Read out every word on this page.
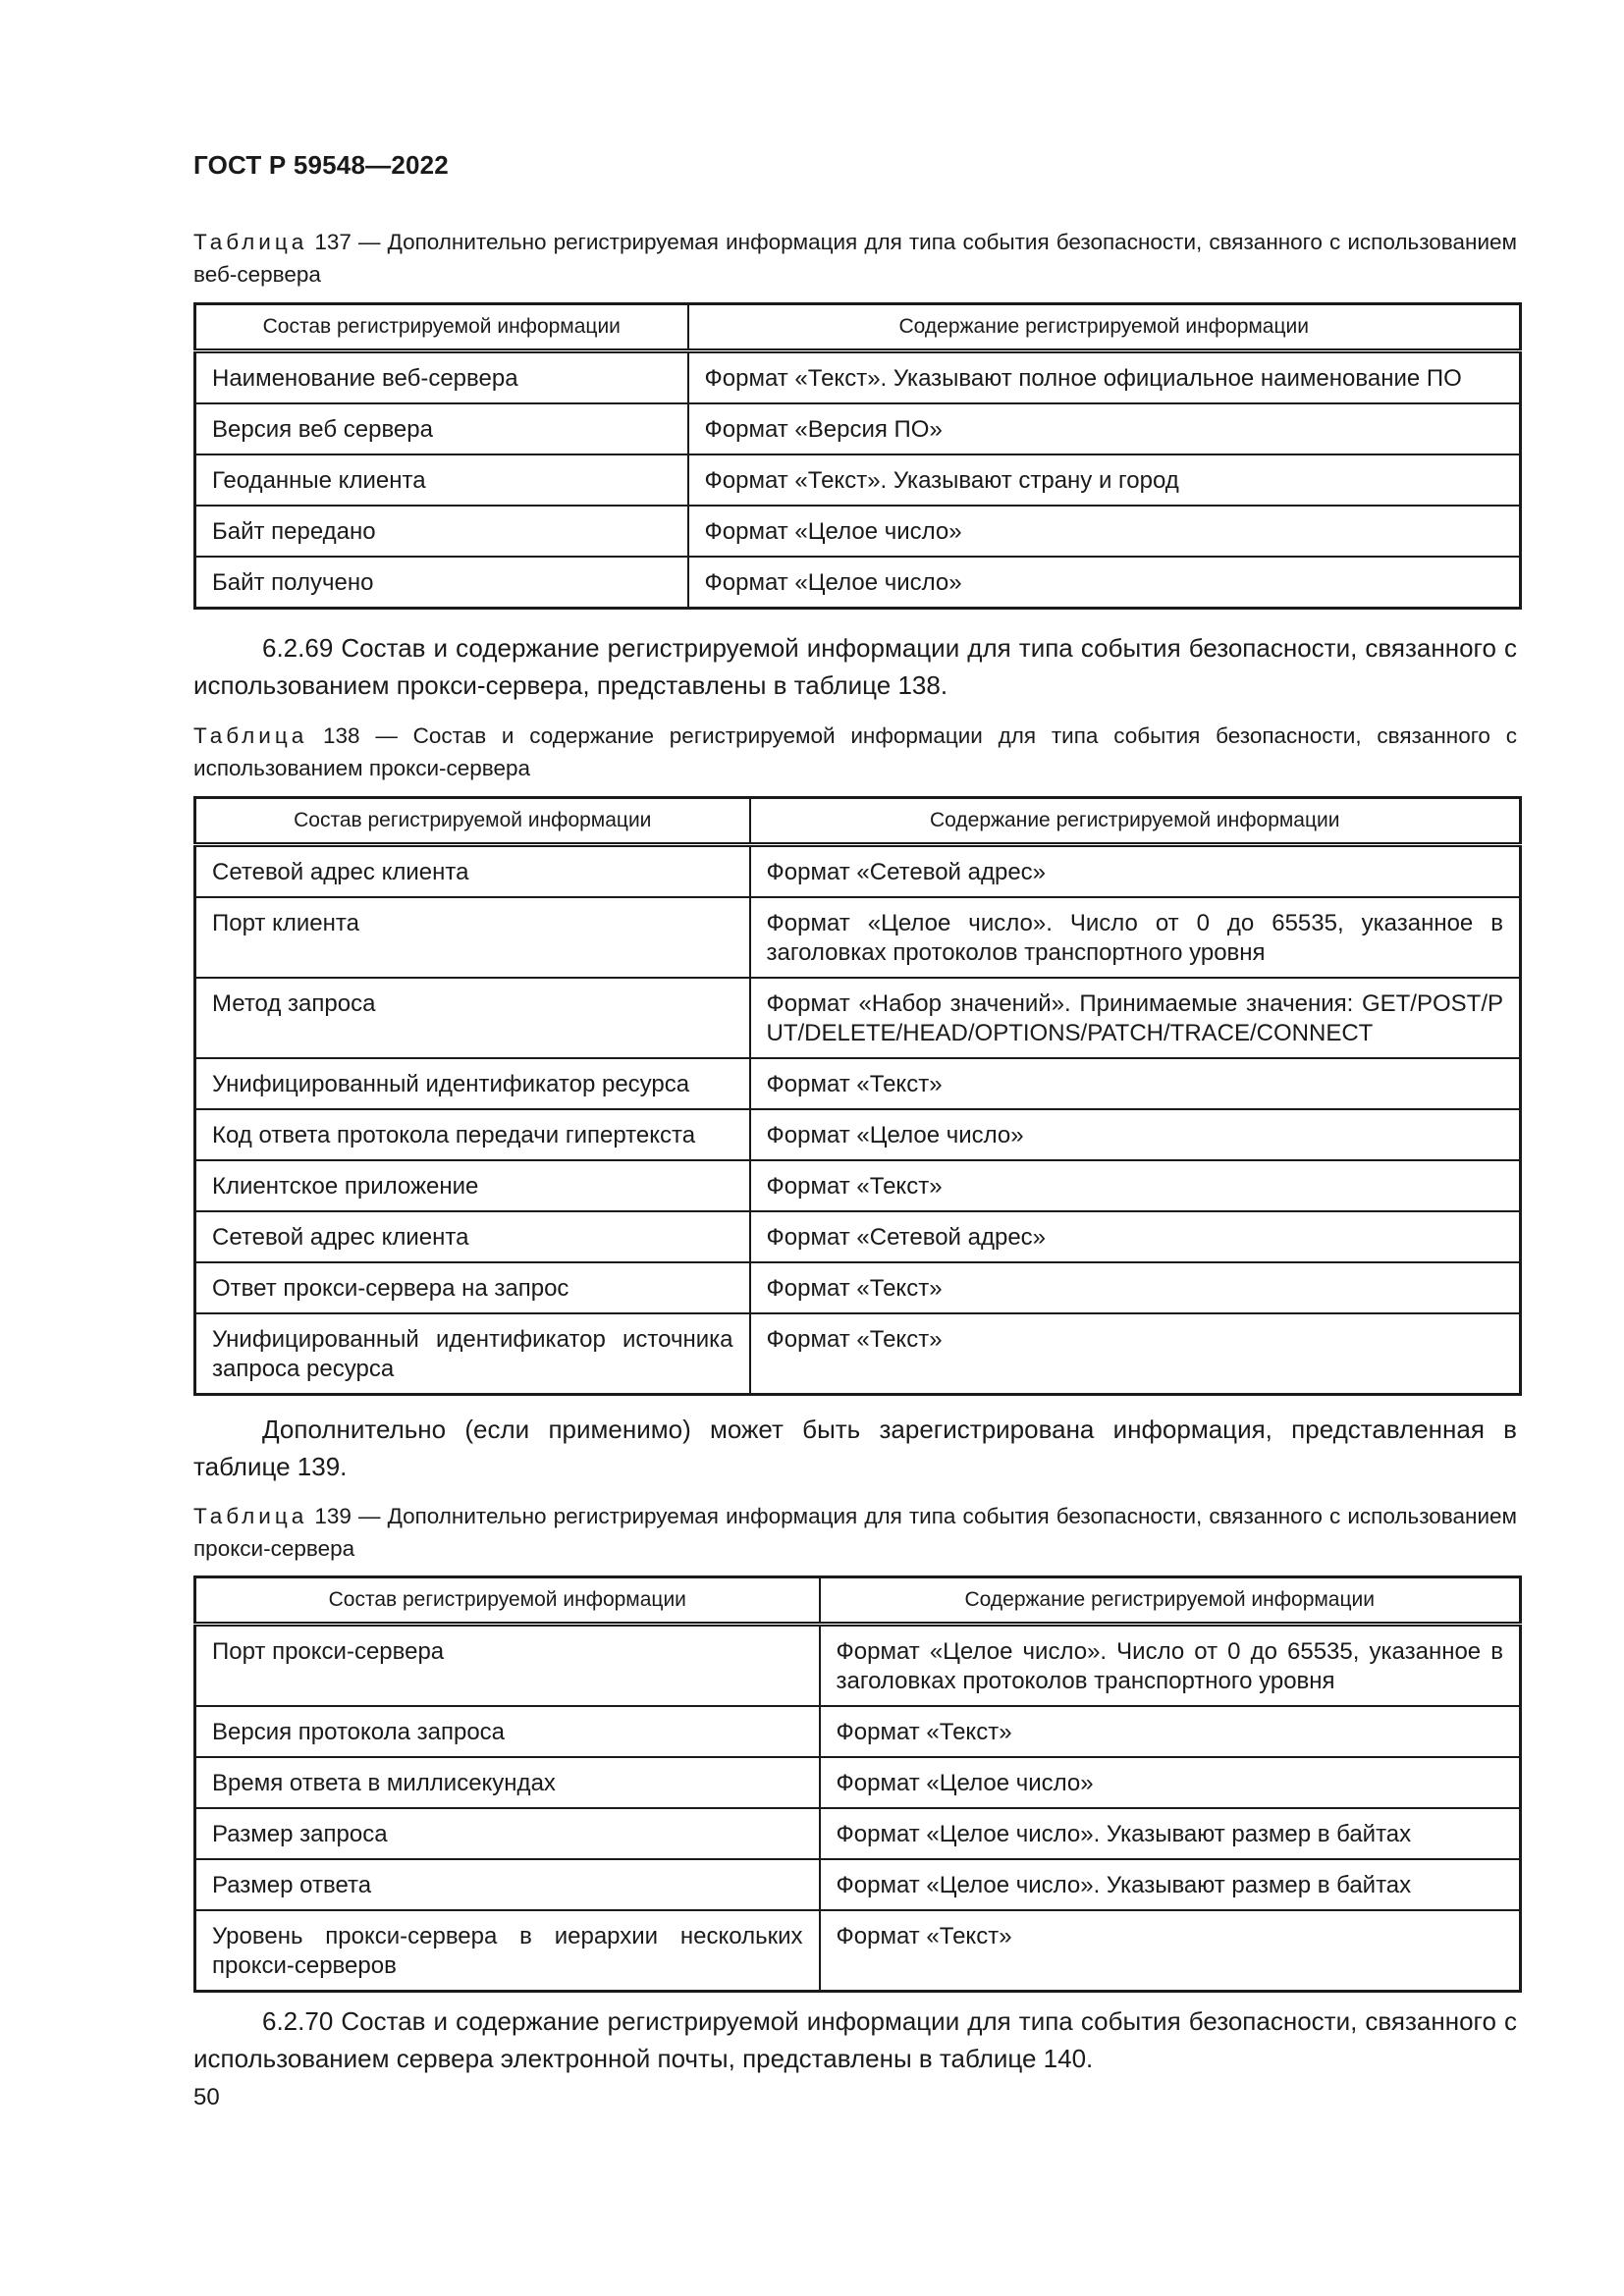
ГОСТ Р 59548—2022
Таблица 137 — Дополнительно регистрируемая информация для типа события безопасности, связанного с использованием веб-сервера
Состав регистрируемой информации	Содержание регистрируемой информации
Наименование веб-сервера	Формат «Текст». Указывают полное официальное наименование ПО
Версия веб сервера	Формат «Версия ПО»
Геоданные клиента	Формат «Текст». Указывают страну и город
Байт передано	Формат «Целое число»
Байт получено	Формат «Целое число»
6.2.69 Состав и содержание регистрируемой информации для типа события безопасности, связанного с использованием прокси-сервера, представлены в таблице 138.
Таблица 138 — Состав и содержание регистрируемой информации для типа события безопасности, связанного с использованием прокси-сервера
Состав регистрируемой информации	Содержание регистрируемой информации
Сетевой адрес клиента	Формат «Сетевой адрес»
Порт клиента	Формат «Целое число». Число от 0 до 65535, указанное в заголовках протоколов транспортного уровня
Метод запроса	Формат «Набор значений». Принимаемые значения: GET/POST/PUT/DELETE/HEAD/OPTIONS/PATCH/TRACE/CONNECT
Унифицированный идентификатор ресурса	Формат «Текст»
Код ответа протокола передачи гипертекста	Формат «Целое число»
Клиентское приложение	Формат «Текст»
Сетевой адрес клиента	Формат «Сетевой адрес»
Ответ прокси-сервера на запрос	Формат «Текст»
Унифицированный идентификатор источника запроса ресурса	Формат «Текст»
Дополнительно (если применимо) может быть зарегистрирована информация, представленная в таблице 139.
Таблица 139 — Дополнительно регистрируемая информация для типа события безопасности, связанного с использованием прокси-сервера
Состав регистрируемой информации	Содержание регистрируемой информации
Порт прокси-сервера	Формат «Целое число». Число от 0 до 65535, указанное в заголовках протоколов транспортного уровня
Версия протокола запроса	Формат «Текст»
Время ответа в миллисекундах	Формат «Целое число»
Размер запроса	Формат «Целое число». Указывают размер в байтах
Размер ответа	Формат «Целое число». Указывают размер в байтах
Уровень прокси-сервера в иерархии нескольких прокси-серверов	Формат «Текст»
6.2.70 Состав и содержание регистрируемой информации для типа события безопасности, связанного с использованием сервера электронной почты, представлены в таблице 140.
50
